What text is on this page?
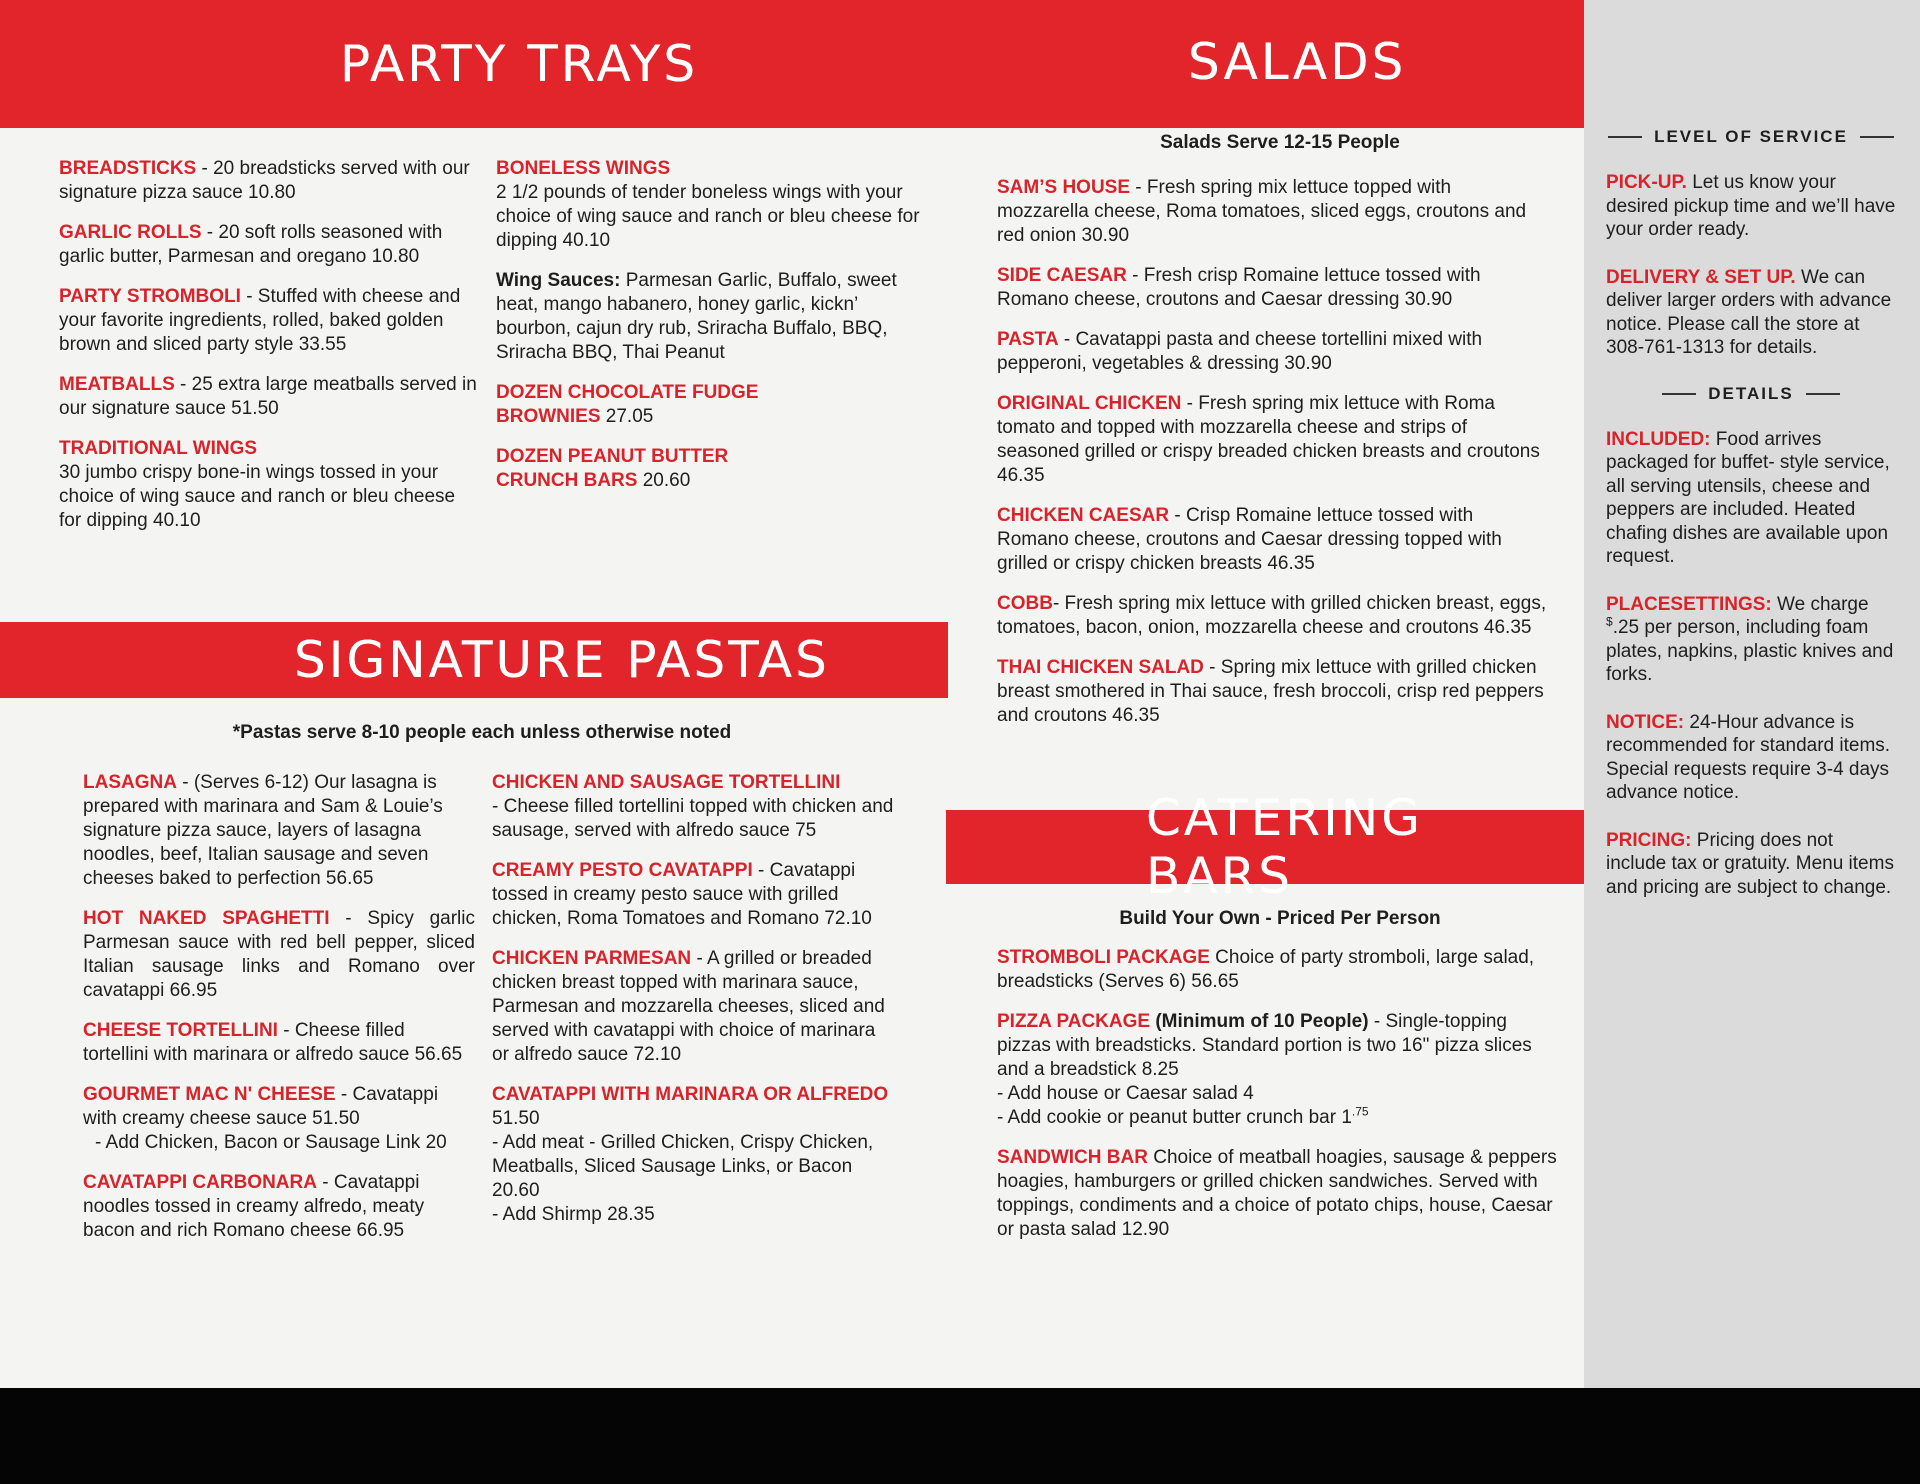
PARTY TRAYS	SALADS
BREADSTICKS - 20 breadsticks served with our signature pizza sauce 10.80
GARLIC ROLLS - 20 soft rolls seasoned with garlic butter, Parmesan and oregano 10.80
PARTY STROMBOLI - Stuffed with cheese and your favorite ingredients, rolled, baked golden brown and sliced party style 33.55
MEATBALLS - 25 extra large meatballs served in our signature sauce 51.50
TRADITIONAL WINGS
30 jumbo crispy bone-in wings tossed in your choice of wing sauce and ranch or bleu cheese for dipping 40.10
BONELESS WINGS
2 1/2 pounds of tender boneless wings with your choice of wing sauce and ranch or bleu cheese for dipping 40.10
Wing Sauces: Parmesan Garlic, Buffalo, sweet heat, mango habanero, honey garlic, kickn’ bourbon, cajun dry rub, Sriracha Buffalo, BBQ, Sriracha BBQ, Thai Peanut
DOZEN CHOCOLATE FUDGE BROWNIES 27.05
DOZEN PEANUT BUTTER CRUNCH BARS 20.60
SIGNATURE PASTAS
*Pastas serve 8-10 people each unless otherwise noted
LASAGNA - (Serves 6-12) Our lasagna is prepared with marinara and Sam & Louie’s signature pizza sauce, layers of lasagna noodles, beef, Italian sausage and seven cheeses baked to perfection 56.65
HOT NAKED SPAGHETTI - Spicy garlic Parmesan sauce with red bell pepper, sliced Italian sausage links and Romano over cavatappi 66.95
CHEESE TORTELLINI - Cheese filled tortellini with marinara or alfredo sauce 56.65
GOURMET MAC N' CHEESE - Cavatappi with creamy cheese sauce 51.50
- Add Chicken, Bacon or Sausage Link 20
CAVATAPPI CARBONARA - Cavatappi noodles tossed in creamy alfredo, meaty bacon and rich Romano cheese 66.95
CHICKEN AND SAUSAGE TORTELLINI
- Cheese filled tortellini topped with chicken and sausage, served with alfredo sauce 75
CREAMY PESTO CAVATAPPI - Cavatappi tossed in creamy pesto sauce with grilled chicken, Roma Tomatoes and Romano 72.10
CHICKEN PARMESAN - A grilled or breaded chicken breast topped with marinara sauce, Parmesan and mozzarella cheeses, sliced and served with cavatappi with choice of marinara or alfredo sauce 72.10
CAVATAPPI WITH MARINARA OR ALFREDO 51.50
- Add meat - Grilled Chicken, Crispy Chicken, Meatballs, Sliced Sausage Links, or Bacon 20.60
- Add Shirmp 28.35
Salads Serve 12-15 People
SAM’S HOUSE - Fresh spring mix lettuce topped with mozzarella cheese, Roma tomatoes, sliced eggs, croutons and red onion 30.90
SIDE CAESAR - Fresh crisp Romaine lettuce tossed with Romano cheese, croutons and Caesar dressing 30.90
PASTA - Cavatappi pasta and cheese tortellini mixed with pepperoni, vegetables & dressing 30.90
ORIGINAL CHICKEN - Fresh spring mix lettuce with Roma tomato and topped with mozzarella cheese and strips of seasoned grilled or crispy breaded chicken breasts and croutons 46.35
CHICKEN CAESAR - Crisp Romaine lettuce tossed with Romano cheese, croutons and Caesar dressing topped with grilled or crispy chicken breasts 46.35
COBB- Fresh spring mix lettuce with grilled chicken breast, eggs, tomatoes, bacon, onion, mozzarella cheese and croutons 46.35
THAI CHICKEN SALAD - Spring mix lettuce with grilled chicken breast smothered in Thai sauce, fresh broccoli, crisp red peppers and croutons 46.35
CATERING BARS
Build Your Own - Priced Per Person
STROMBOLI PACKAGE Choice of party stromboli, large salad, breadsticks (Serves 6) 56.65
PIZZA PACKAGE (Minimum of 10 People) - Single-topping pizzas with breadsticks. Standard portion is two 16" pizza slices and a breadstick 8.25
- Add house or Caesar salad 4
- Add cookie or peanut butter crunch bar $1^{.75}$
SANDWICH BAR Choice of meatball hoagies, sausage & peppers hoagies, hamburgers or grilled chicken sandwiches. Served with toppings, condiments and a choice of potato chips, house, Caesar or pasta salad 12.90
LEVEL OF SERVICE
PICK-UP. Let us know your desired pickup time and we’ll have your order ready.
DELIVERY & SET UP. We can deliver larger orders with advance notice. Please call the store at 308-761-1313 for details.
DETAILS
INCLUDED: Food arrives packaged for buffet- style service, all serving utensils, cheese and peppers are included. Heated chafing dishes are available upon request.
PLACESETTINGS: We charge $.25 per person, including foam plates, napkins, plastic knives and forks.
NOTICE: 24-Hour advance is recommended for standard items. Special requests require 3-4 days advance notice.
PRICING: Pricing does not include tax or gratuity. Menu items and pricing are subject to change.
